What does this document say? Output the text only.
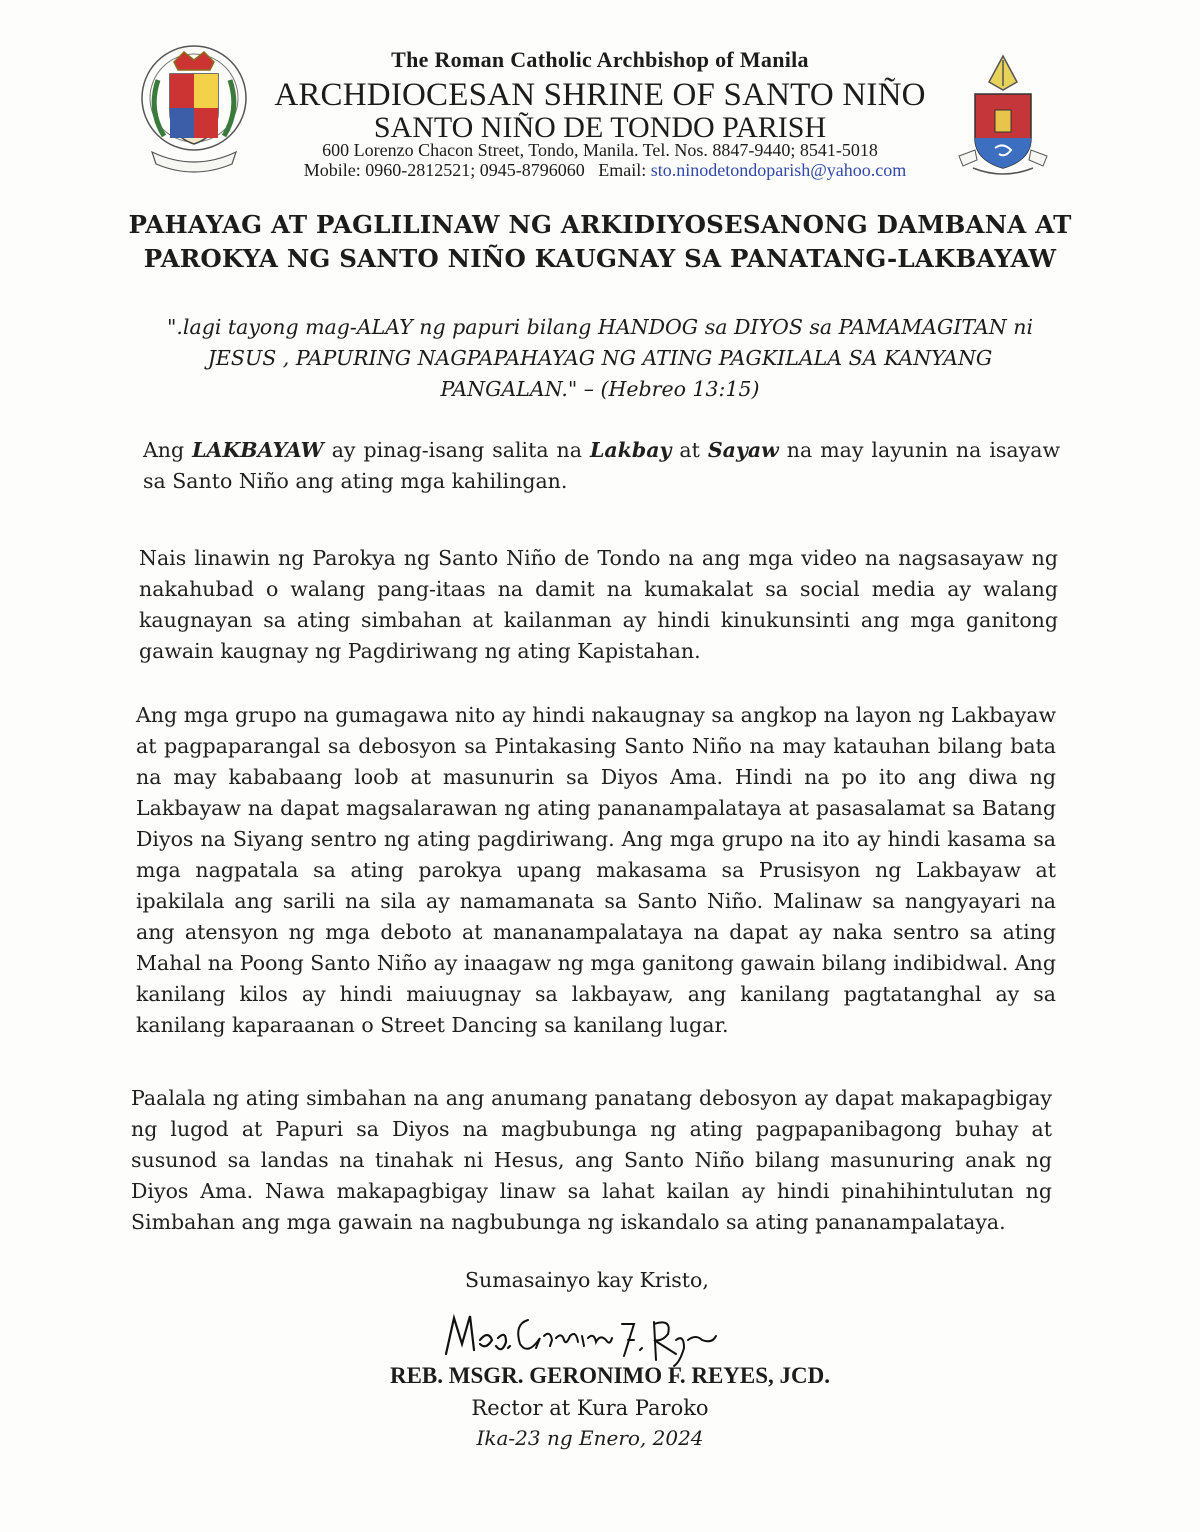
The Roman Catholic Archbishop of Manila
ARCHDIOCESAN SHRINE OF SANTO NIÑO
SANTO NIÑO DE TONDO PARISH
600 Lorenzo Chacon Street, Tondo, Manila. Tel. Nos. 8847-9440; 8541-5018
Mobile: 0960-2812521; 0945-8796060 Email: sto.ninodetondoparish@yahoo.com
PAHAYAG AT PAGLILINAW NG ARKIDIYOSESANONG DAMBANA AT
PAROKYA NG SANTO NIÑO KAUGNAY SA PANATANG-LAKBAYAW
".lagi tayong mag-ALAY ng papuri bilang HANDOG sa DIYOS sa PAMAMAGITAN ni
JESUS , PAPURING NAGPAPAHAYAG NG ATING PAGKILALA SA KANYANG
PANGALAN." – (Hebreo 13:15)
Ang LAKBAYAW ay pinag-isang salita na Lakbay at Sayaw na may layunin na isayaw sa Santo Niño ang ating mga kahilingan.
Nais linawin ng Parokya ng Santo Niño de Tondo na ang mga video na nagsasayaw ng nakahubad o walang pang-itaas na damit na kumakalat sa social media ay walang kaugnayan sa ating simbahan at kailanman ay hindi kinukunsinti ang mga ganitong gawain kaugnay ng Pagdiriwang ng ating Kapistahan.
Ang mga grupo na gumagawa nito ay hindi nakaugnay sa angkop na layon ng Lakbayaw at pagpaparangal sa debosyon sa Pintakasing Santo Niño na may katauhan bilang bata na may kababaang loob at masunurin sa Diyos Ama. Hindi na po ito ang diwa ng Lakbayaw na dapat magsalarawan ng ating pananampalataya at pasasalamat sa Batang Diyos na Siyang sentro ng ating pagdiriwang. Ang mga grupo na ito ay hindi kasama sa mga nagpatala sa ating parokya upang makasama sa Prusisyon ng Lakbayaw at ipakilala ang sarili na sila ay namamanata sa Santo Niño. Malinaw sa nangyayari na ang atensyon ng mga deboto at mananampalataya na dapat ay naka sentro sa ating Mahal na Poong Santo Niño ay inaagaw ng mga ganitong gawain bilang indibidwal. Ang kanilang kilos ay hindi maiuugnay sa lakbayaw, ang kanilang pagtatanghal ay sa kanilang kaparaanan o Street Dancing sa kanilang lugar.
Paalala ng ating simbahan na ang anumang panatang debosyon ay dapat makapagbigay ng lugod at Papuri sa Diyos na magbubunga ng ating pagpapanibagong buhay at susunod sa landas na tinahak ni Hesus, ang Santo Niño bilang masunuring anak ng Diyos Ama. Nawa makapagbigay linaw sa lahat kailan ay hindi pinahihintulutan ng Simbahan ang mga gawain na nagbubunga ng iskandalo sa ating pananampalataya.
Sumasainyo kay Kristo,
REB. MSGR. GERONIMO F. REYES, JCD.
Rector at Kura Paroko
Ika-23 ng Enero, 2024
